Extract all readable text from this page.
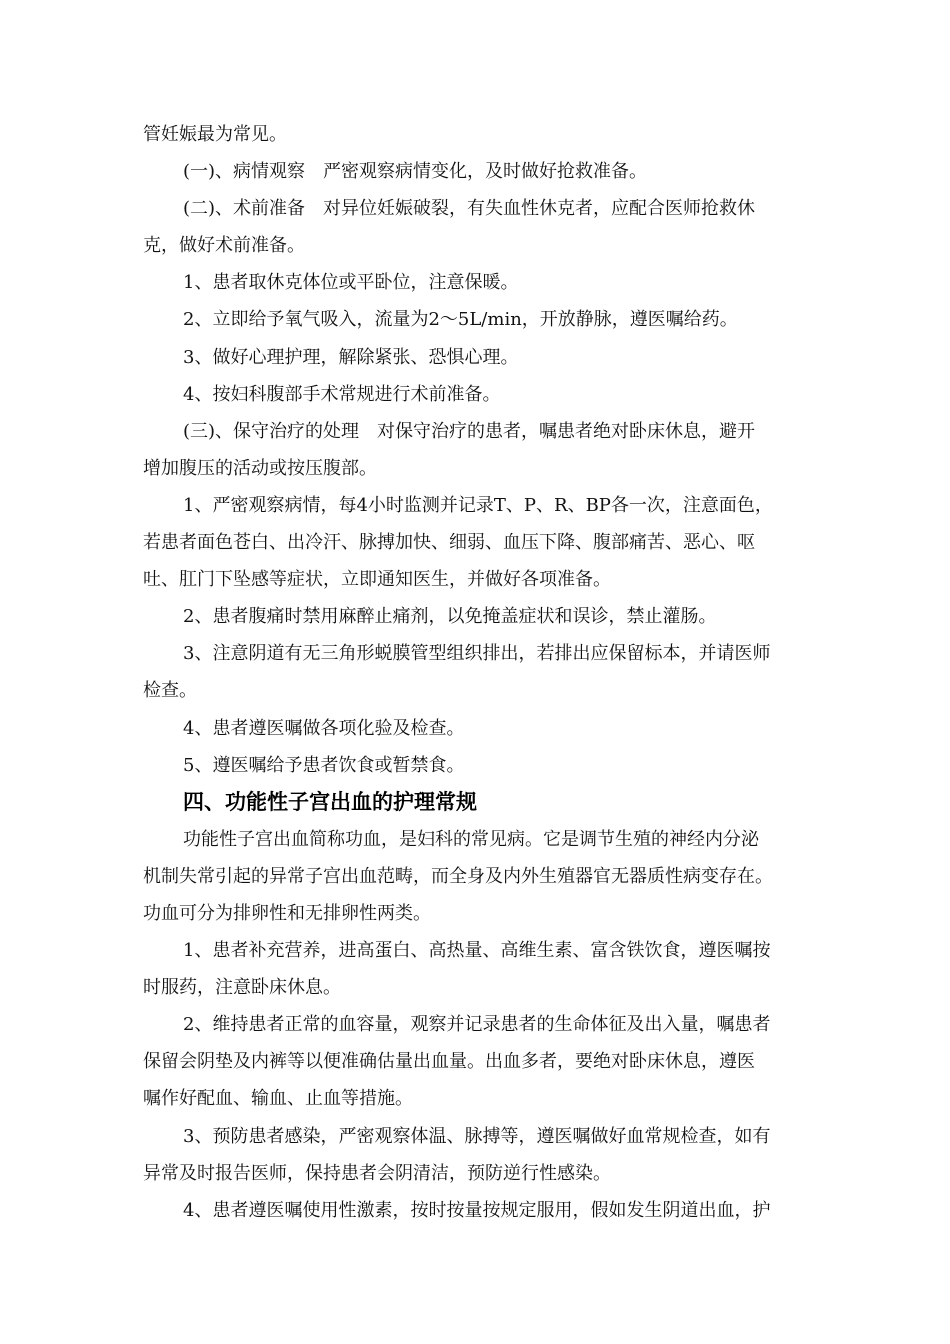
管妊娠最为常见。

(一)、病情观察　严密观察病情变化，及时做好抢救准备。

(二)、术前准备　对异位妊娠破裂，有失血性休克者，应配合医师抢救休

克，做好术前准备。

1、患者取休克体位或平卧位，注意保暖。

2、立即给予氧气吸入，流量为2～5L/min，开放静脉，遵医嘱给药。

3、做好心理护理，解除紧张、恐惧心理。

4、按妇科腹部手术常规进行术前准备。

(三)、保守治疗的处理　对保守治疗的患者，嘱患者绝对卧床休息，避开

增加腹压的活动或按压腹部。

1、严密观察病情，每4小时监测并记录T、P、R、BP各一次，注意面色，

若患者面色苍白、出冷汗、脉搏加快、细弱、血压下降、腹部痛苦、恶心、呕

吐、肛门下坠感等症状，立即通知医生，并做好各项准备。

2、患者腹痛时禁用麻醉止痛剂，以免掩盖症状和误诊，禁止灌肠。

3、注意阴道有无三角形蜕膜管型组织排出，若排出应保留标本，并请医师

检查。

4、患者遵医嘱做各项化验及检查。

5、遵医嘱给予患者饮食或暂禁食。

四、功能性子宫出血的护理常规

功能性子宫出血简称功血，是妇科的常见病。它是调节生殖的神经内分泌

机制失常引起的异常子宫出血范畴，而全身及内外生殖器官无器质性病变存在。

功血可分为排卵性和无排卵性两类。

1、患者补充营养，进高蛋白、高热量、高维生素、富含铁饮食，遵医嘱按

时服药，注意卧床休息。

2、维持患者正常的血容量，观察并记录患者的生命体征及出入量，嘱患者

保留会阴垫及内裤等以便准确估量出血量。出血多者，要绝对卧床休息，遵医

嘱作好配血、输血、止血等措施。

3、预防患者感染，严密观察体温、脉搏等，遵医嘱做好血常规检查，如有

异常及时报告医师，保持患者会阴清洁，预防逆行性感染。

4、患者遵医嘱使用性激素，按时按量按规定服用，假如发生阴道出血，护
